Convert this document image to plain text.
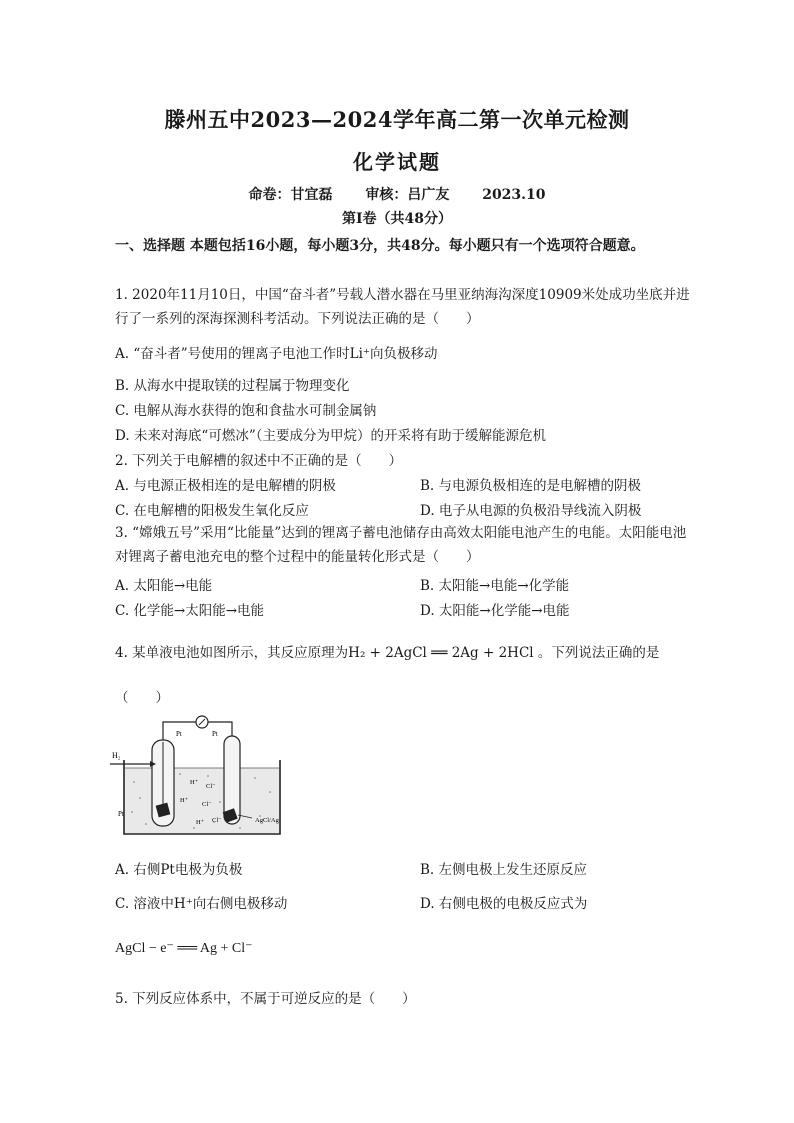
滕州五中2023—2024学年高二第一次单元检测
化学试题
命卷：甘宜磊 审核：吕广友 2023.10
第Ⅰ卷（共48分）
一、选择题 本题包括16小题，每小题3分，共48分。每小题只有一个选项符合题意。
1. 2020年11月10日，中国“奋斗者”号载人潜水器在马里亚纳海沟深度10909米处成功坐底并进行了一系列的深海探测科考活动。下列说法正确的是（　　）
A. “奋斗者”号使用的锂离子电池工作时Li⁺向负极移动
B. 从海水中提取镁的过程属于物理变化
C. 电解从海水获得的饱和食盐水可制金属钠
D. 未来对海底“可燃冰”（主要成分为甲烷）的开采将有助于缓解能源危机
2. 下列关于电解槽的叙述中不正确的是（　　）
A. 与电源正极相连的是电解槽的阴极	B. 与电源负极相连的是电解槽的阴极
C. 在电解槽的阳极发生氧化反应	D. 电子从电源的负极沿导线流入阴极
3. “嫦娥五号”采用“比能量”达到的锂离子蓄电池储存由高效太阳能电池产生的电能。太阳能电池对锂离子蓄电池充电的整个过程中的能量转化形式是（　　）
A. 太阳能→电能	B. 太阳能→电能→化学能
C. 化学能→太阳能→电能	D. 太阳能→化学能→电能
4. 某单液电池如图所示，其反应原理为H₂ + 2AgCl ══ 2Ag + 2HCl 。下列说法正确的是
（　　）
H₂
Pt	Pt
Pt
AgCl/Ag
H⁺
Cl⁻
H⁺
Cl⁻
H⁺ Cl⁻
A. 右侧Pt电极为负极	B. 左侧电极上发生还原反应
C. 溶液中H⁺向右侧电极移动	D. 右侧电极的电极反应式为
AgCl − e⁻ ══ Ag + Cl⁻
5. 下列反应体系中，不属于可逆反应的是（　　）
